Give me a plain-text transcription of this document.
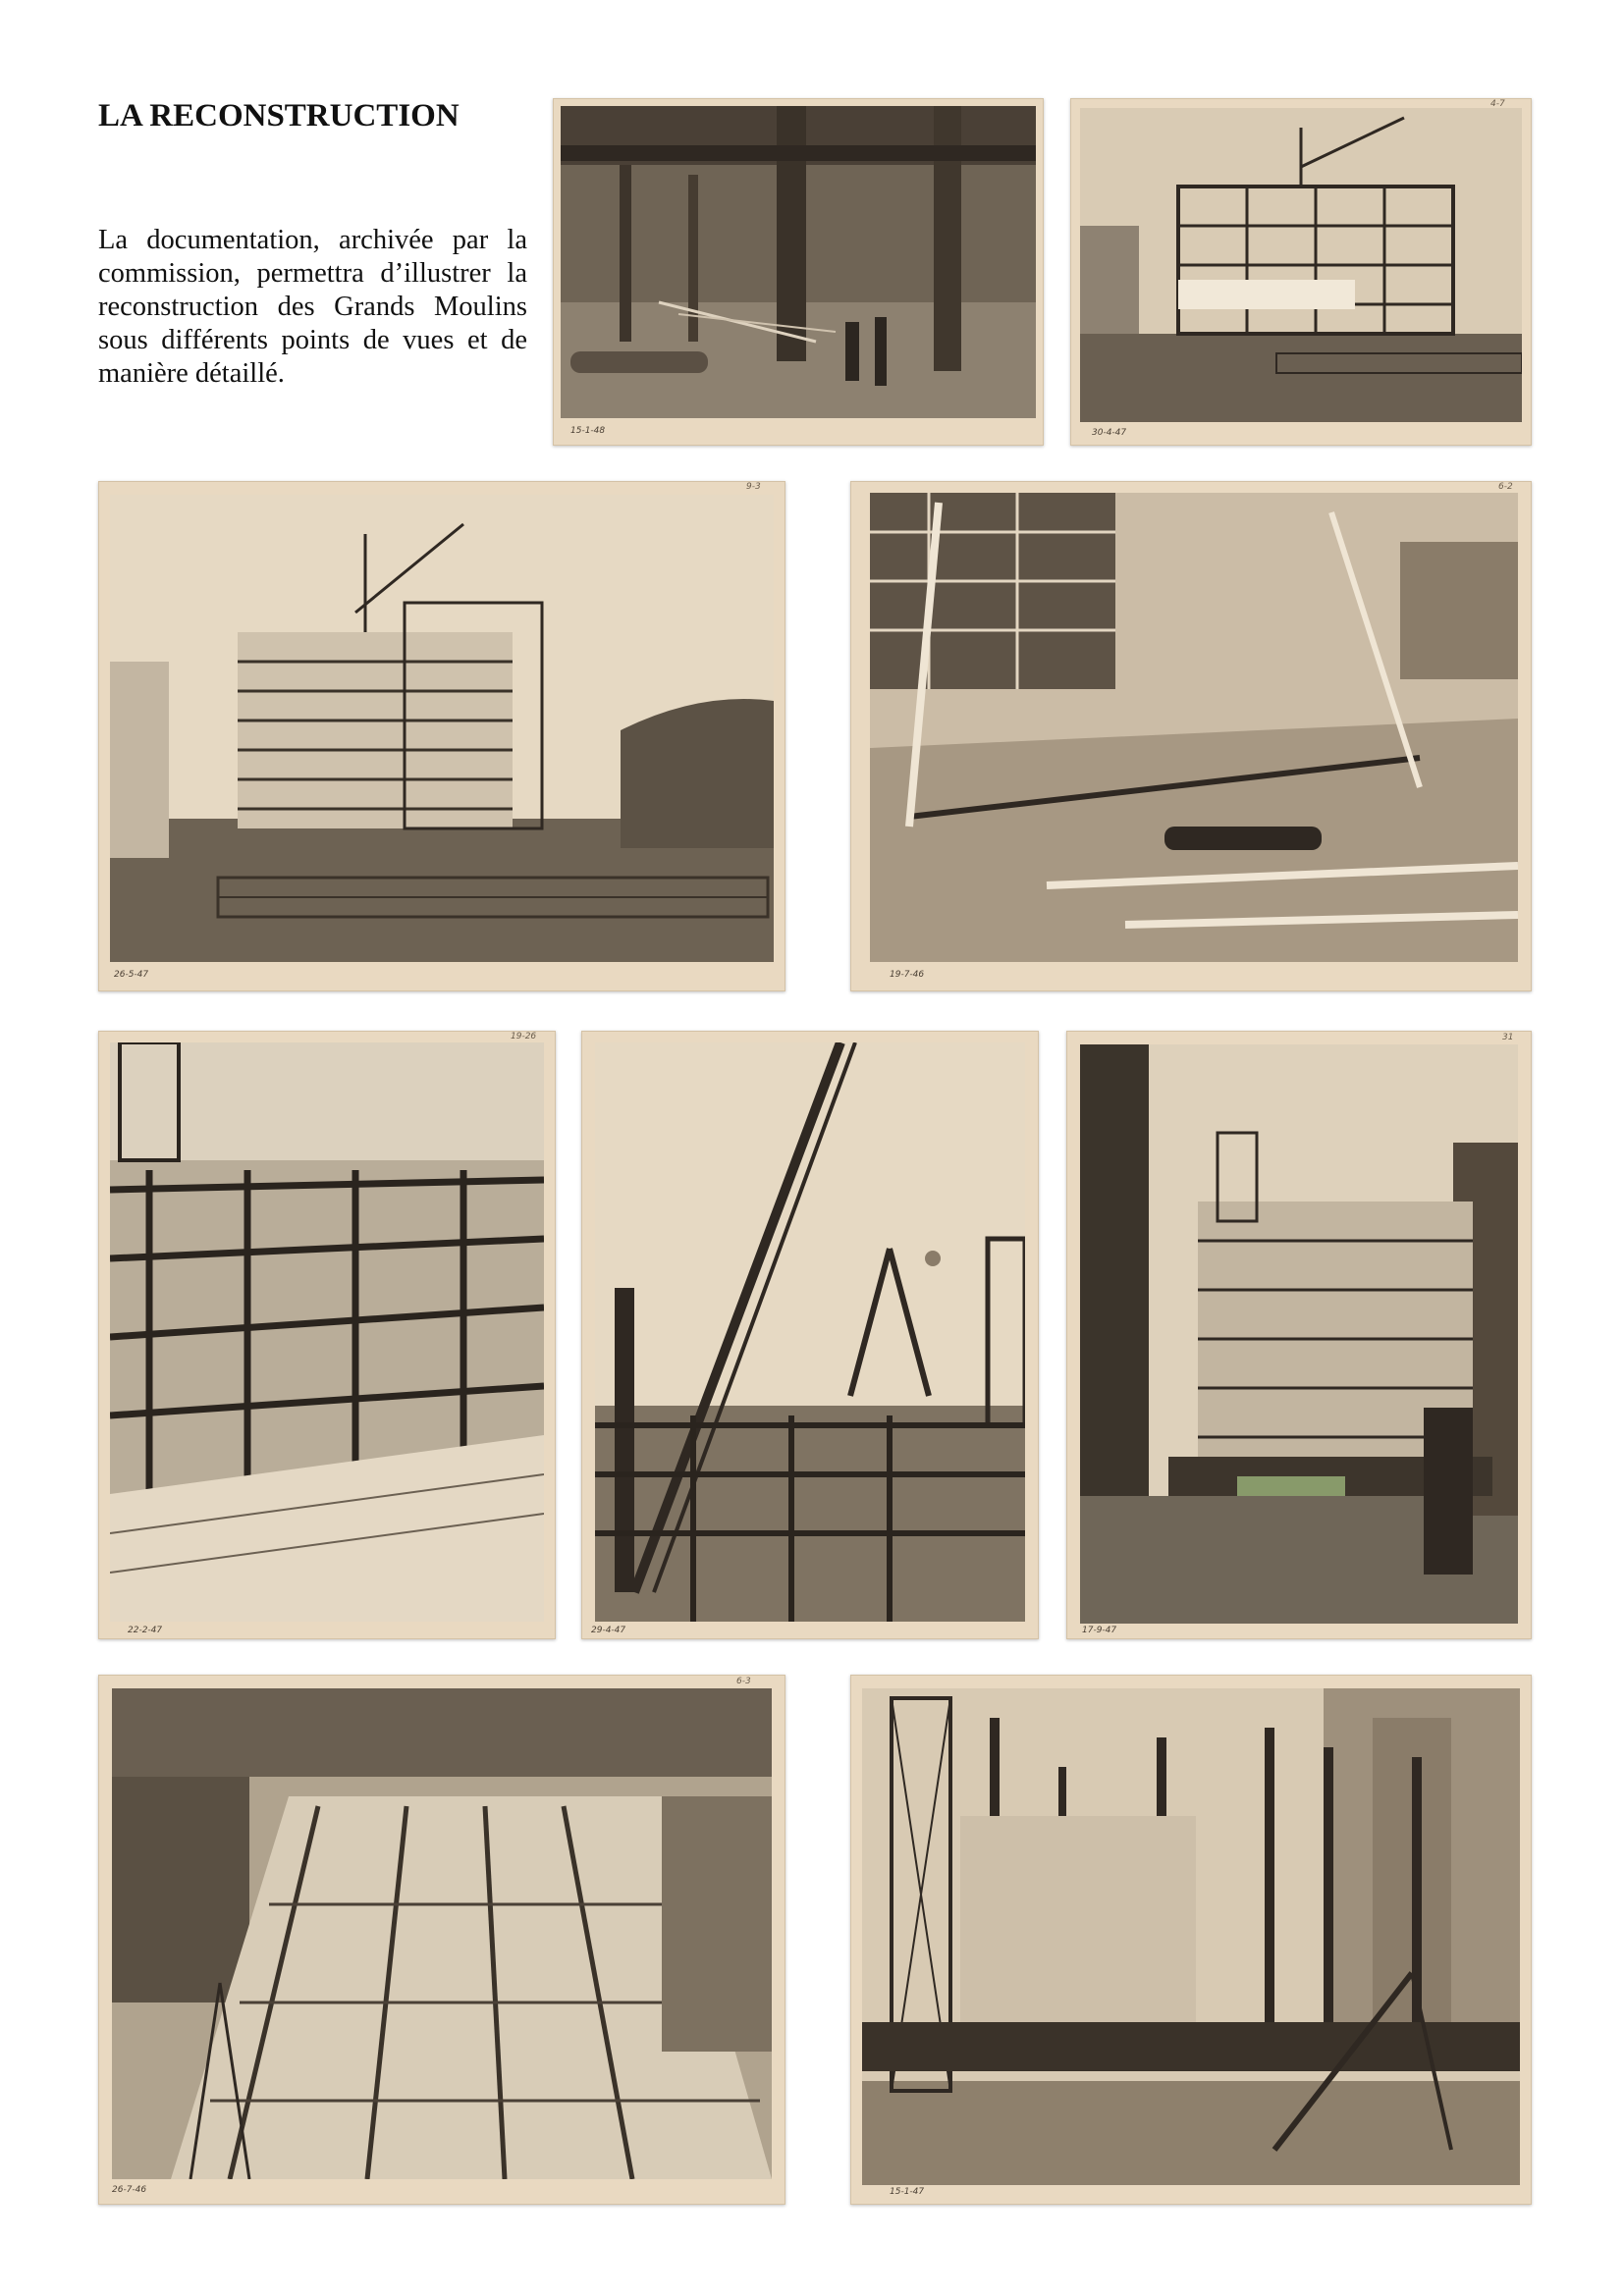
LA RECONSTRUCTION

La documentation, archivée par la commission, permettra d’illustrer la reconstruction des Grands Moulins sous différents points de vues et de manière détaillé.

15-1-48	30-4-47
4-7
26-5-47
9-3
19-7-46
6-2
22-2-47
19-26
29-4-47	17-9-47
31
26-7-46
6-3
15-1-47
